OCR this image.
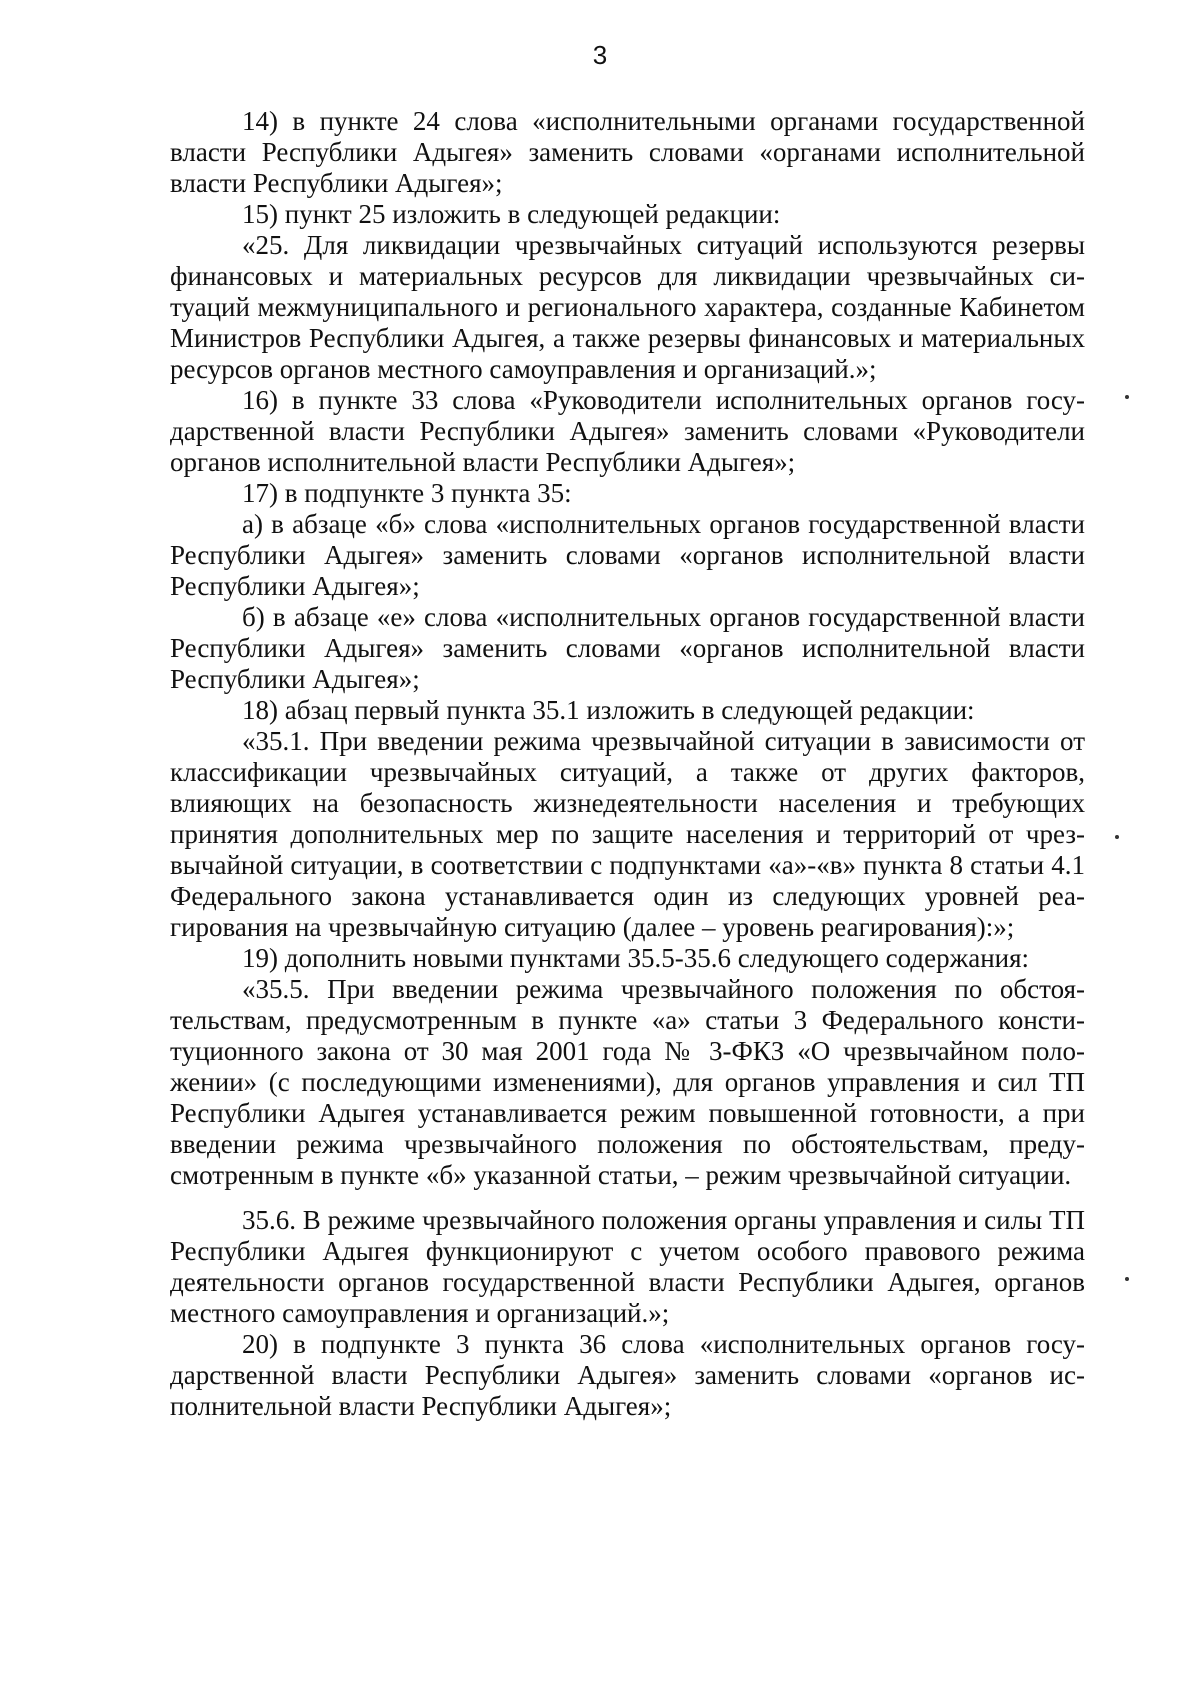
3

14) в пункте 24 слова «исполнительными органами государственной власти Республики Адыгея» заменить словами «органами исполнительной власти Республики Адыгея»;

15) пункт 25 изложить в следующей редакции:

«25. Для ликвидации чрезвычайных ситуаций используются резервы финансовых и материальных ресурсов для ликвидации чрезвычайных ситуаций межмуниципального и регионального характера, созданные Кабинетом Министров Республики Адыгея, а также резервы финансовых и материальных ресурсов органов местного самоуправления и организаций.»;

16) в пункте 33 слова «Руководители исполнительных органов государственной власти Республики Адыгея» заменить словами «Руководители органов исполнительной власти Республики Адыгея»;

17) в подпункте 3 пункта 35:

а) в абзаце «б» слова «исполнительных органов государственной власти Республики Адыгея» заменить словами «органов исполнительной власти Республики Адыгея»;

б) в абзаце «е» слова «исполнительных органов государственной власти Республики Адыгея» заменить словами «органов исполнительной власти Республики Адыгея»;

18) абзац первый пункта 35.1 изложить в следующей редакции:

«35.1. При введении режима чрезвычайной ситуации в зависимости от классификации чрезвычайных ситуаций, а также от других факторов, влияющих на безопасность жизнедеятельности населения и требующих принятия дополнительных мер по защите населения и территорий от чрезвычайной ситуации, в соответствии с подпунктами «а»-«в» пункта 8 статьи 4.1 Федерального закона устанавливается один из следующих уровней реагирования на чрезвычайную ситуацию (далее – уровень реагирования):»;

19) дополнить новыми пунктами 35.5-35.6 следующего содержания:

«35.5. При введении режима чрезвычайного положения по обстоятельствам, предусмотренным в пункте «а» статьи 3 Федерального конституционного закона от 30 мая 2001 года № 3-ФКЗ «О чрезвычайном положении» (с последующими изменениями), для органов управления и сил ТП Республики Адыгея устанавливается режим повышенной готовности, а при введении режима чрезвычайного положения по обстоятельствам, предусмотренным в пункте «б» указанной статьи, – режим чрезвычайной ситуации.

35.6. В режиме чрезвычайного положения органы управления и силы ТП Республики Адыгея функционируют с учетом особого правового режима деятельности органов государственной власти Республики Адыгея, органов местного самоуправления и организаций.»;

20) в подпункте 3 пункта 36 слова «исполнительных органов государственной власти Республики Адыгея» заменить словами «органов исполнительной власти Республики Адыгея»;
